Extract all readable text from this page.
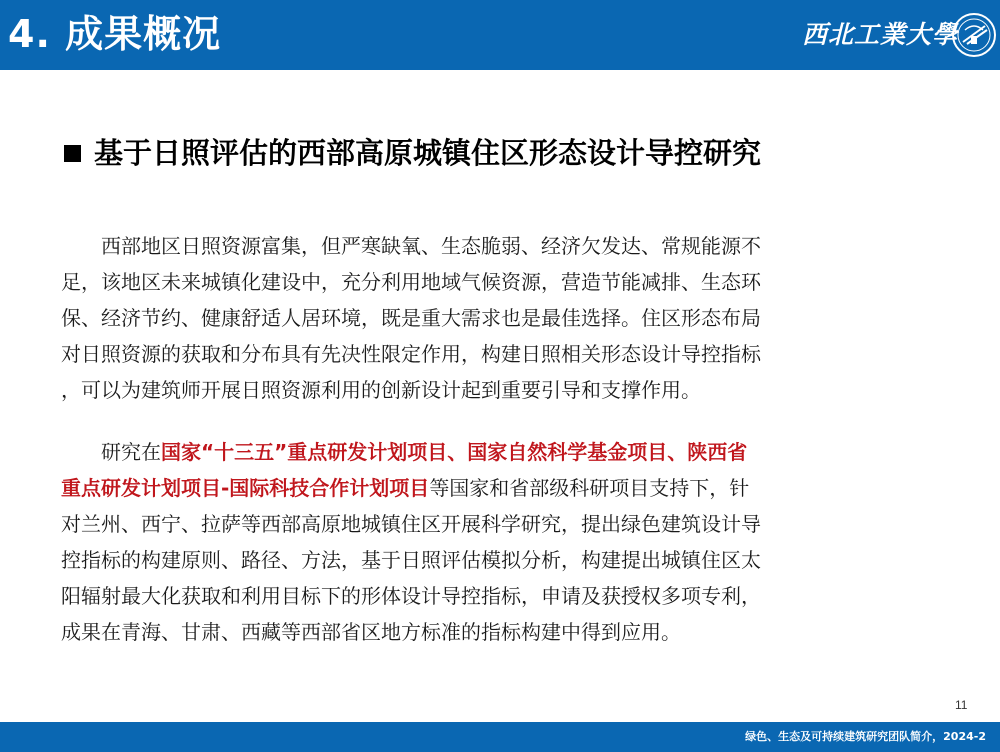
4. 成果概况	西北工業大學
基于日照评估的西部高原城镇住区形态设计导控研究
　　西部地区日照资源富集，但严寒缺氧、生态脆弱、经济欠发达、常规能源不
足，该地区未来城镇化建设中，充分利用地域气候资源，营造节能减排、生态环
保、经济节约、健康舒适人居环境，既是重大需求也是最佳选择。住区形态布局
对日照资源的获取和分布具有先决性限定作用，构建日照相关形态设计导控指标
，可以为建筑师开展日照资源利用的创新设计起到重要引导和支撑作用。
　　研究在国家“十三五”重点研发计划项目、国家自然科学基金项目、陕西省
重点研发计划项目-国际科技合作计划项目等国家和省部级科研项目支持下，针
对兰州、西宁、拉萨等西部高原地城镇住区开展科学研究，提出绿色建筑设计导
控指标的构建原则、路径、方法，基于日照评估模拟分析，构建提出城镇住区太
阳辐射最大化获取和利用目标下的形体设计导控指标，申请及获授权多项专利，
成果在青海、甘肃、西藏等西部省区地方标准的指标构建中得到应用。
11
绿色、生态及可持续建筑研究团队简介，2024-2
